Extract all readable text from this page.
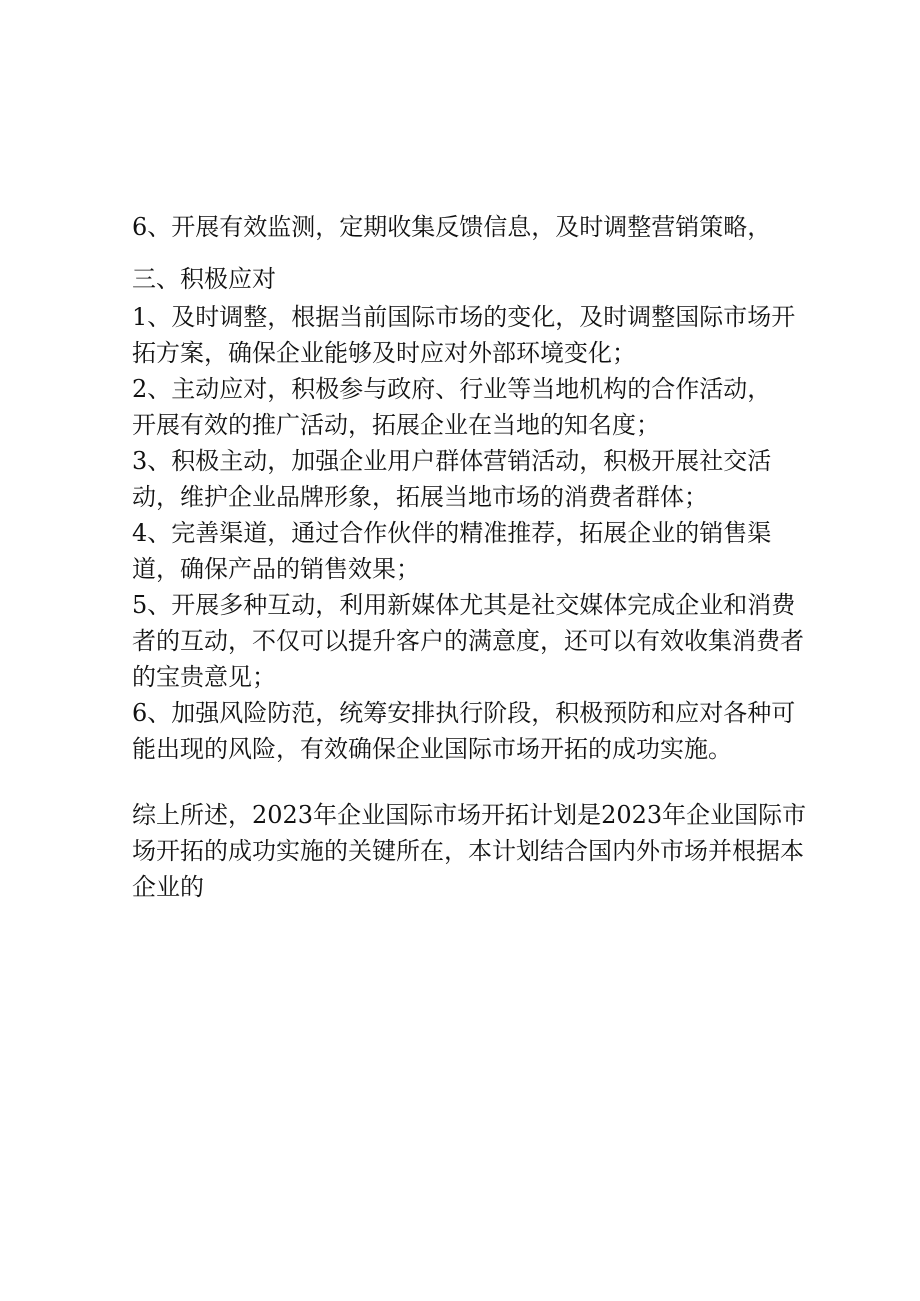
6、开展有效监测，定期收集反馈信息，及时调整营销策略，
三、积极应对
1、及时调整，根据当前国际市场的变化，及时调整国际市场开
拓方案，确保企业能够及时应对外部环境变化；
2、主动应对，积极参与政府、行业等当地机构的合作活动，
开展有效的推广活动，拓展企业在当地的知名度；
3、积极主动，加强企业用户群体营销活动，积极开展社交活
动，维护企业品牌形象，拓展当地市场的消费者群体；
4、完善渠道，通过合作伙伴的精准推荐，拓展企业的销售渠
道，确保产品的销售效果；
5、开展多种互动，利用新媒体尤其是社交媒体完成企业和消费
者的互动，不仅可以提升客户的满意度，还可以有效收集消费者
的宝贵意见；
6、加强风险防范，统筹安排执行阶段，积极预防和应对各种可
能出现的风险，有效确保企业国际市场开拓的成功实施。
综上所述，2023年企业国际市场开拓计划是2023年企业国际市
场开拓的成功实施的关键所在，本计划结合国内外市场并根据本
企业的
